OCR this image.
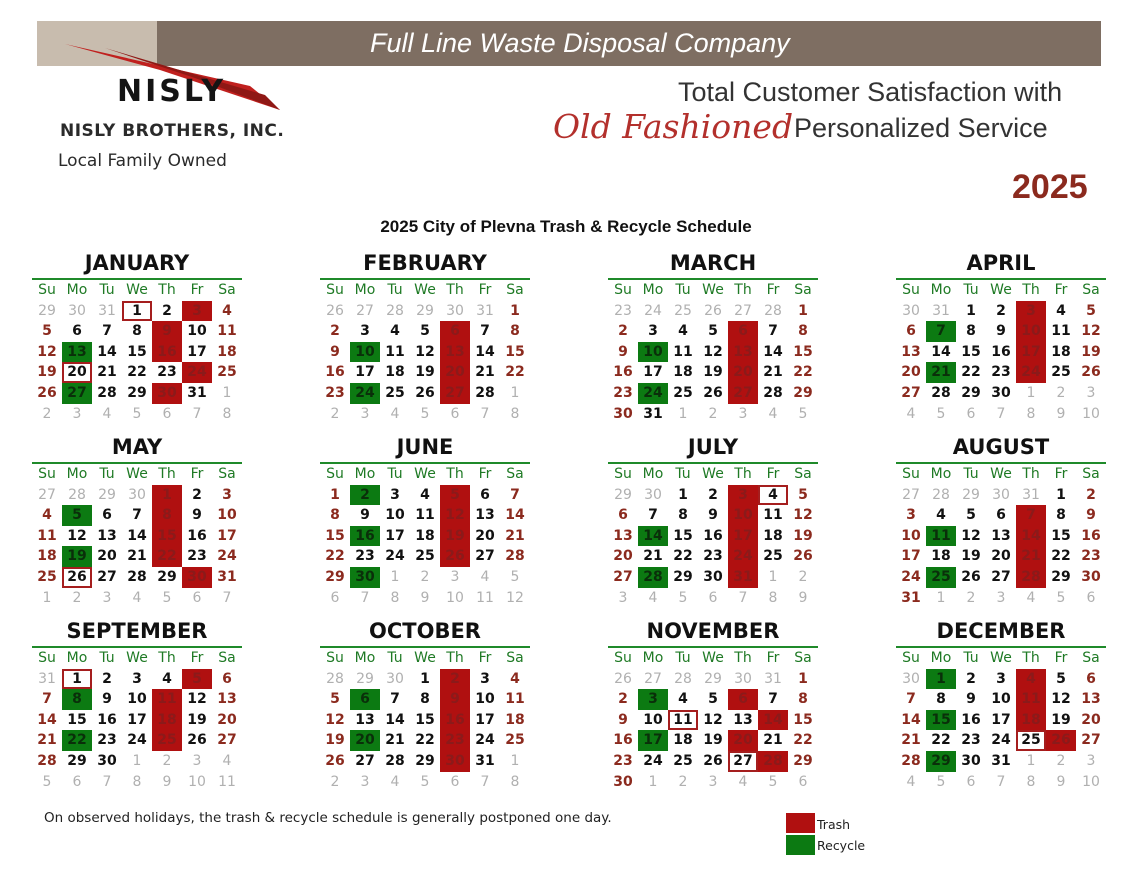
Full Line Waste Disposal Company
NISLY
NISLY BROTHERS, INC.
Local Family Owned
Total Customer Satisfaction with
Old Fashioned Personalized Service
2025
2025 City of Plevna Trash & Recycle Schedule
JANUARY
Su Mo Tu We Th	Fr	Sa
29 30 31	1	2	3	4
5	6	7	8	9	10 11
12 13 14 15 16 17 18
19 20 21 22 23 24 25
26 27 28 29 30 31	1
2	3	4	5	6	7	8
FEBRUARY
Su Mo Tu We Th	Fr	Sa
26 27 28 29 30 31	1
2	3	4	5	6	7	8
9	10 11 12 13 14 15
16 17 18 19 20 21 22
23 24 25 26 27 28	1
2	3	4	5	6	7	8
MARCH
Su Mo Tu We Th	Fr	Sa
23 24 25 26 27 28	1
2	3	4	5	6	7	8
9	10 11 12 13 14 15
16 17 18 19 20 21 22
23 24 25 26 27 28 29
30 31	1	2	3	4	5
APRIL
Su Mo Tu We Th	Fr	Sa
30 31	1	2	3	4	5
6	7	8	9	10 11 12
13 14 15 16 17 18 19
20 21 22 23 24 25 26
27 28 29 30	1	2	3
4	5	6	7	8	9	10
MAY
Su Mo Tu We Th	Fr	Sa
27 28 29 30	1	2	3
4	5	6	7	8	9	10
11 12 13 14 15 16 17
18 19 20 21 22 23 24
25 26 27 28 29 30 31
1	2	3	4	5	6	7
JUNE
Su Mo Tu We Th	Fr	Sa
1	2	3	4	5	6	7
8	9	10 11 12 13 14
15 16 17 18 19 20 21
22 23 24 25 26 27 28
29 30	1	2	3	4	5
6	7	8	9	10 11 12
JULY
Su Mo Tu We Th	Fr	Sa
29 30	1	2	3	4	5
6	7	8	9	10 11 12
13 14 15 16 17 18 19
20 21 22 23 24 25 26
27 28 29 30 31	1	2
3	4	5	6	7	8	9
AUGUST
Su Mo Tu We Th	Fr	Sa
27 28 29 30 31	1	2
3	4	5	6	7	8	9
10 11 12 13 14 15 16
17 18 19 20 21 22 23
24 25 26 27 28 29 30
31	1	2	3	4	5	6
SEPTEMBER
Su Mo Tu We Th	Fr	Sa
31	1	2	3	4	5	6
7	8	9	10 11 12 13
14 15 16 17 18 19 20
21 22 23 24 25 26 27
28 29 30	1	2	3	4
5	6	7	8	9	10 11
OCTOBER
Su Mo Tu We Th	Fr	Sa
28 29 30	1	2	3	4
5	6	7	8	9	10 11
12 13 14 15 16 17 18
19 20 21 22 23 24 25
26 27 28 29 30 31	1
2	3	4	5	6	7	8
NOVEMBER
Su Mo Tu We Th	Fr	Sa
26 27 28 29 30 31	1
2	3	4	5	6	7	8
9	10 11 12 13 14 15
16 17 18 19 20 21 22
23 24 25 26 27 28 29
30	1	2	3	4	5	6
DECEMBER
Su Mo Tu We Th	Fr	Sa
30	1	2	3	4	5	6
7	8	9	10 11 12 13
14 15 16 17 18 19 20
21 22 23 24 25 26 27
28 29 30 31	1	2	3
4	5	6	7	8	9	10
On observed holidays, the trash & recycle schedule is generally postponed one day.	Trash
Recycle
